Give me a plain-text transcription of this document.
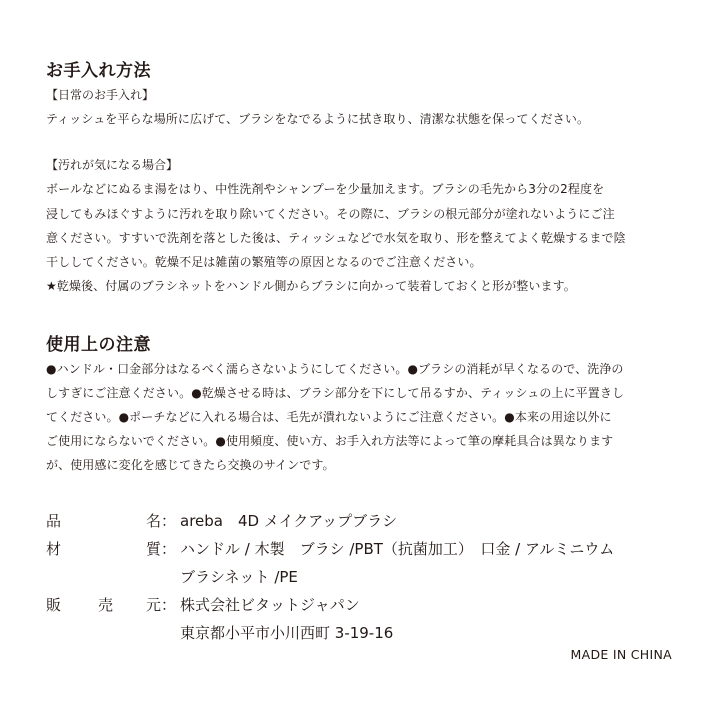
お手入れ方法
【日常のお手入れ】
ティッシュを平らな場所に広げて、ブラシをなでるように拭き取り、清潔な状態を保ってください。
【汚れが気になる場合】
ボールなどにぬるま湯をはり、中性洗剤やシャンプーを少量加えます。ブラシの毛先から3分の2程度を
浸してもみほぐすように汚れを取り除いてください。その際に、ブラシの根元部分が塗れないようにご注
意ください。すすいで洗剤を落とした後は、ティッシュなどで水気を取り、形を整えてよく乾燥するまで陰
干ししてください。乾燥不足は雑菌の繁殖等の原因となるのでご注意ください。
★乾燥後、付属のブラシネットをハンドル側からブラシに向かって装着しておくと形が整います。
使用上の注意
●ハンドル・口金部分はなるべく濡らさないようにしてください。●ブラシの消耗が早くなるので、洗浄の
しすぎにご注意ください。●乾燥させる時は、ブラシ部分を下にして吊るすか、ティッシュの上に平置きし
てください。●ポーチなどに入れる場合は、毛先が潰れないようにご注意ください。●本来の用途以外に
ご使用にならないでください。●使用頻度、使い方、お手入れ方法等によって筆の摩耗具合は異なります
が、使用感に変化を感じてきたら交換のサインです。
品	名： areba　4D メイクアップブラシ
材	質： ハンドル / 木製　ブラシ /PBT（抗菌加工）　口金 / アルミニウム
ブラシネット /PE
販 売 元： 株式会社ビタットジャパン
東京都小平市小川西町 3-19-16
MADE IN CHINA
